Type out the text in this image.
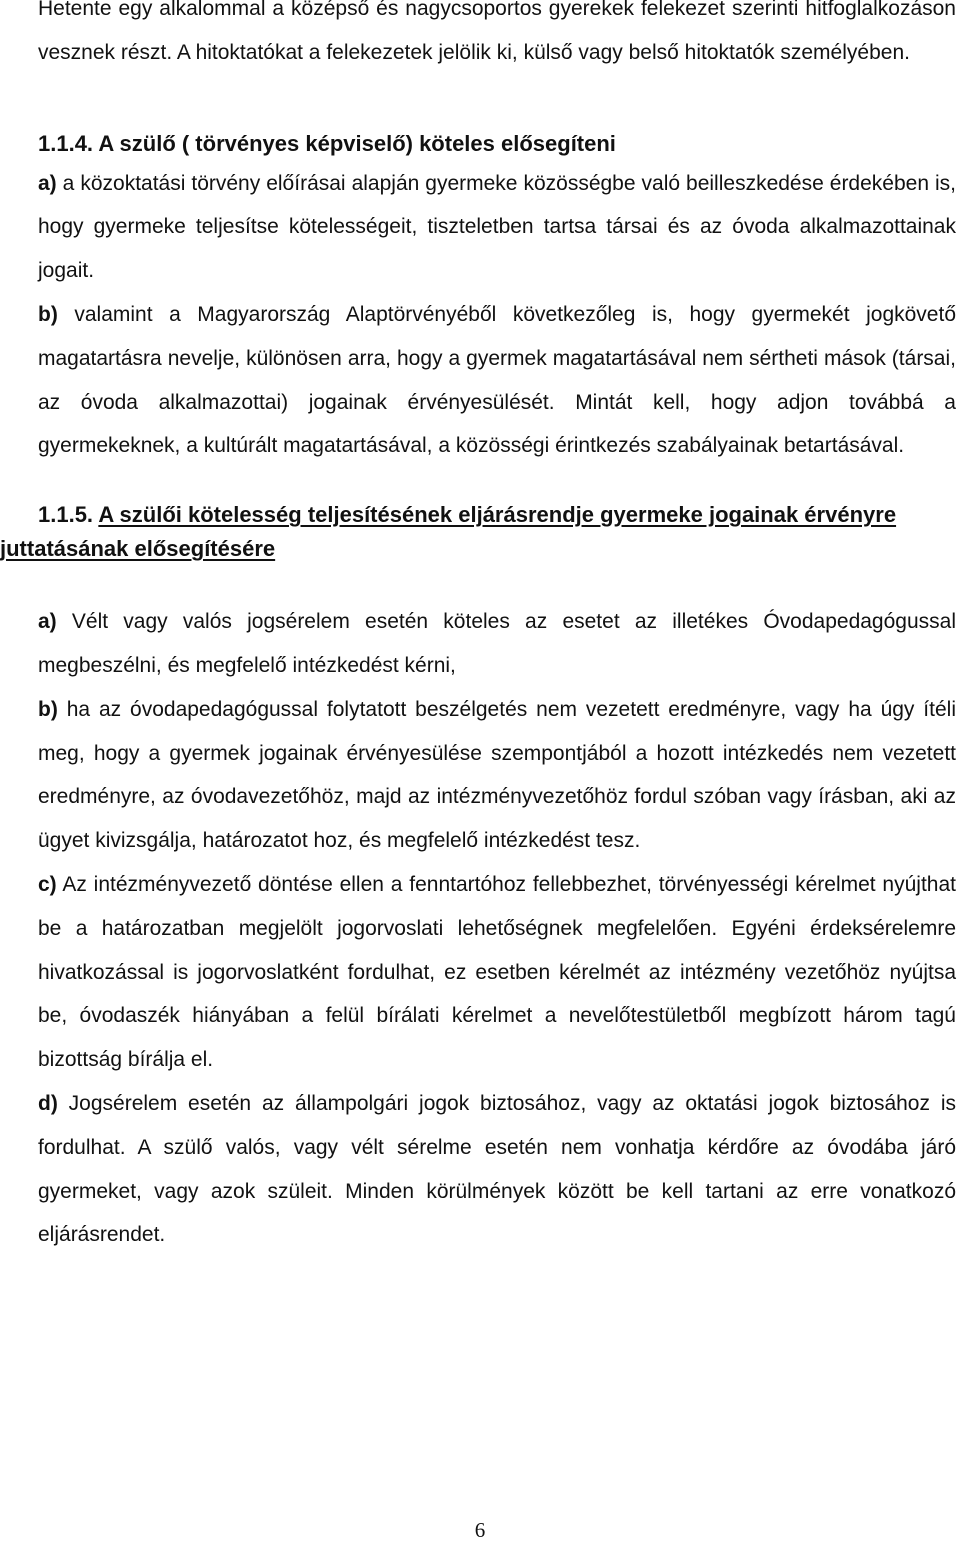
Hetente egy alkalommal a középső és nagycsoportos gyerekek felekezet szerinti hitfoglalkozáson vesznek részt. A hitoktatókat a felekezetek jelölik ki, külső vagy belső hitoktatók személyében.

1.1.4. A szülő ( törvényes képviselő) köteles elősegíteni

a) a közoktatási törvény előírásai alapján gyermeke közösségbe való beilleszkedése érdekében is, hogy gyermeke teljesítse kötelességeit, tiszteletben tartsa társai és az óvoda alkalmazottainak jogait.

b) valamint a Magyarország Alaptörvényéből következőleg is, hogy gyermekét jogkövető magatartásra nevelje, különösen arra, hogy a gyermek magatartásával nem sértheti mások (társai, az óvoda alkalmazottai) jogainak érvényesülését. Mintát kell, hogy adjon továbbá a gyermekeknek, a kultúrált magatartásával, a közösségi érintkezés szabályainak betartásával.

1.1.5. A szülői kötelesség teljesítésének eljárásrendje gyermeke jogainak érvényre juttatásának elősegítésére

a) Vélt vagy valós jogsérelem esetén köteles az esetet az illetékes Óvodapedagógussal megbeszélni, és megfelelő intézkedést kérni,

b) ha az óvodapedagógussal folytatott beszélgetés nem vezetett eredményre, vagy ha úgy ítéli meg, hogy a gyermek jogainak érvényesülése szempontjából a hozott intézkedés nem vezetett eredményre, az óvodavezetőhöz, majd az intézményvezetőhöz fordul szóban vagy írásban, aki az ügyet kivizsgálja, határozatot hoz, és megfelelő intézkedést tesz.

c) Az intézményvezető döntése ellen a fenntartóhoz fellebbezhet, törvényességi kérelmet nyújthat be a határozatban megjelölt jogorvoslati lehetőségnek megfelelően. Egyéni érdeksérelemre hivatkozással is jogorvoslatként fordulhat, ez esetben kérelmét az intézmény vezetőhöz nyújtsa be, óvodaszék hiányában a felül bírálati kérelmet a nevelőtestületből megbízott három tagú bizottság bírálja el.

d) Jogsérelem esetén az állampolgári jogok biztosához, vagy az oktatási jogok biztosához is fordulhat. A szülő valós, vagy vélt sérelme esetén nem vonhatja kérdőre az óvodába járó gyermeket, vagy azok szüleit. Minden körülmények között be kell tartani az erre vonatkozó eljárásrendet.

6
